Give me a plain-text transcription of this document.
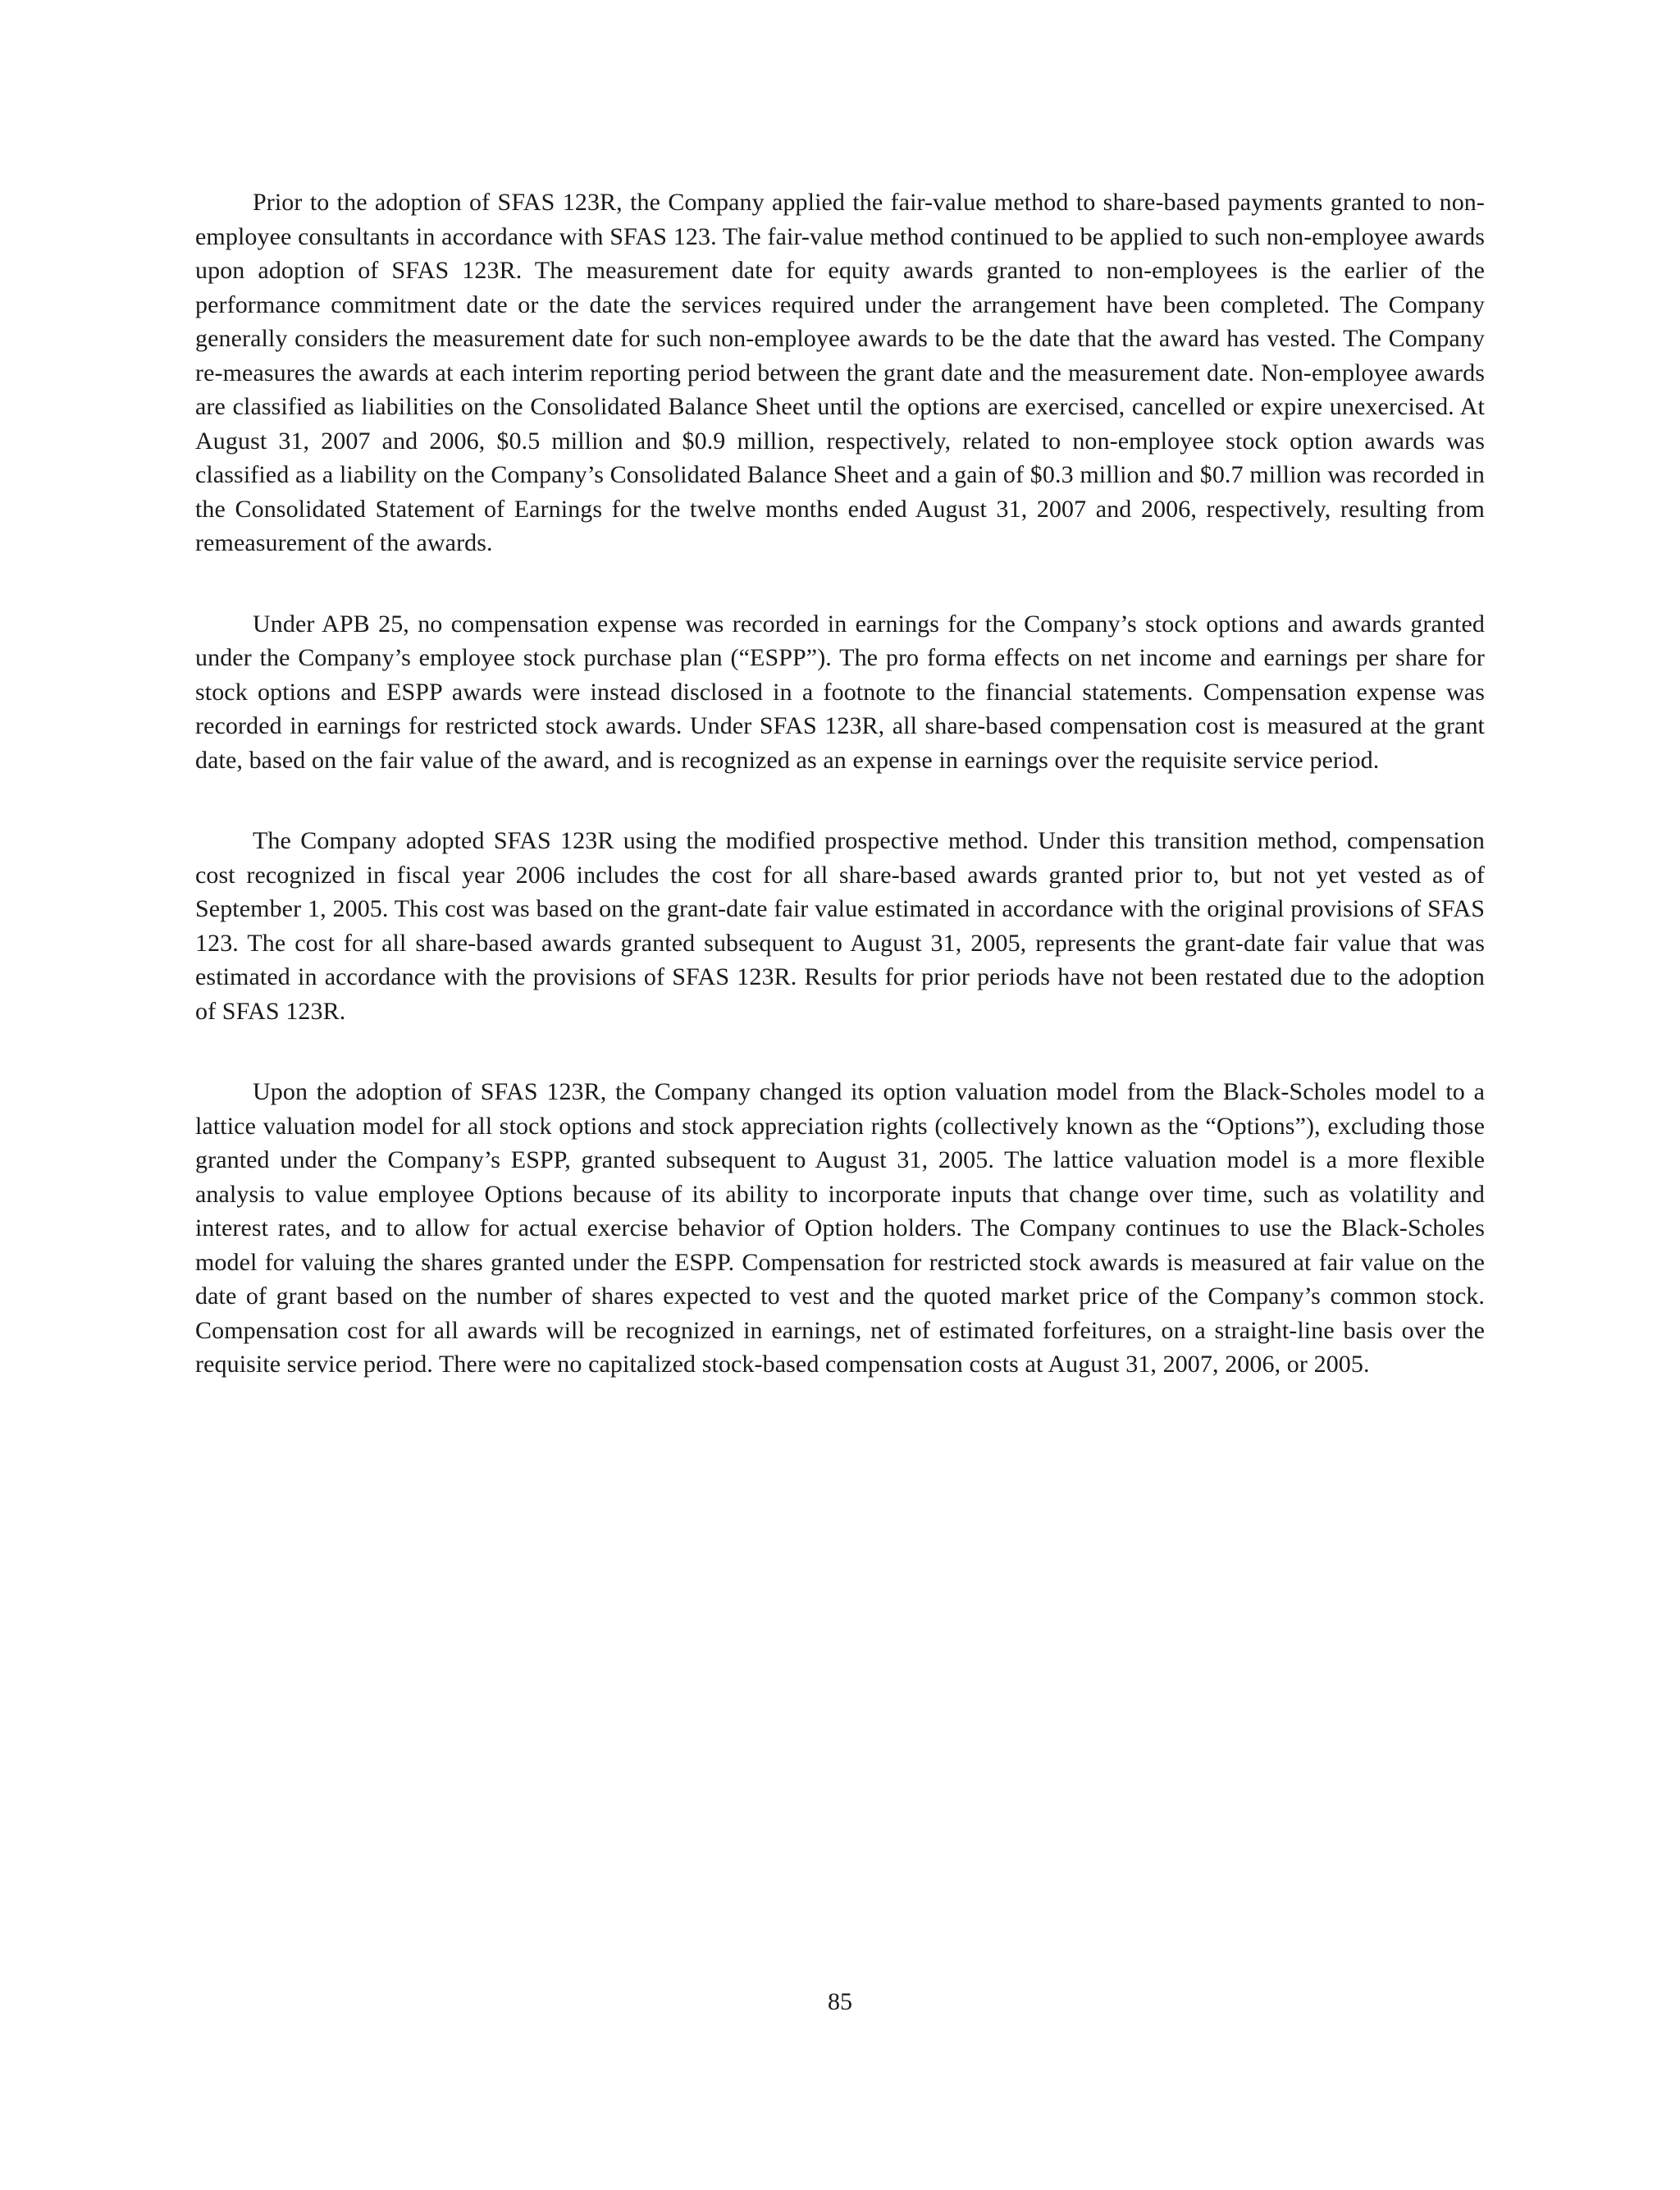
Prior to the adoption of SFAS 123R, the Company applied the fair-value method to share-based payments granted to non-employee consultants in accordance with SFAS 123. The fair-value method continued to be applied to such non-employee awards upon adoption of SFAS 123R. The measurement date for equity awards granted to non-employees is the earlier of the performance commitment date or the date the services required under the arrangement have been completed. The Company generally considers the measurement date for such non-employee awards to be the date that the award has vested. The Company re-measures the awards at each interim reporting period between the grant date and the measurement date. Non-employee awards are classified as liabilities on the Consolidated Balance Sheet until the options are exercised, cancelled or expire unexercised. At August 31, 2007 and 2006, $0.5 million and $0.9 million, respectively, related to non-employee stock option awards was classified as a liability on the Company’s Consolidated Balance Sheet and a gain of $0.3 million and $0.7 million was recorded in the Consolidated Statement of Earnings for the twelve months ended August 31, 2007 and 2006, respectively, resulting from remeasurement of the awards.

Under APB 25, no compensation expense was recorded in earnings for the Company’s stock options and awards granted under the Company’s employee stock purchase plan (“ESPP”). The pro forma effects on net income and earnings per share for stock options and ESPP awards were instead disclosed in a footnote to the financial statements. Compensation expense was recorded in earnings for restricted stock awards. Under SFAS 123R, all share-based compensation cost is measured at the grant date, based on the fair value of the award, and is recognized as an expense in earnings over the requisite service period.

The Company adopted SFAS 123R using the modified prospective method. Under this transition method, compensation cost recognized in fiscal year 2006 includes the cost for all share-based awards granted prior to, but not yet vested as of September 1, 2005. This cost was based on the grant-date fair value estimated in accordance with the original provisions of SFAS 123. The cost for all share-based awards granted subsequent to August 31, 2005, represents the grant-date fair value that was estimated in accordance with the provisions of SFAS 123R. Results for prior periods have not been restated due to the adoption of SFAS 123R.

Upon the adoption of SFAS 123R, the Company changed its option valuation model from the Black-Scholes model to a lattice valuation model for all stock options and stock appreciation rights (collectively known as the “Options”), excluding those granted under the Company’s ESPP, granted subsequent to August 31, 2005. The lattice valuation model is a more flexible analysis to value employee Options because of its ability to incorporate inputs that change over time, such as volatility and interest rates, and to allow for actual exercise behavior of Option holders. The Company continues to use the Black-Scholes model for valuing the shares granted under the ESPP. Compensation for restricted stock awards is measured at fair value on the date of grant based on the number of shares expected to vest and the quoted market price of the Company’s common stock. Compensation cost for all awards will be recognized in earnings, net of estimated forfeitures, on a straight-line basis over the requisite service period. There were no capitalized stock-based compensation costs at August 31, 2007, 2006, or 2005.

85
